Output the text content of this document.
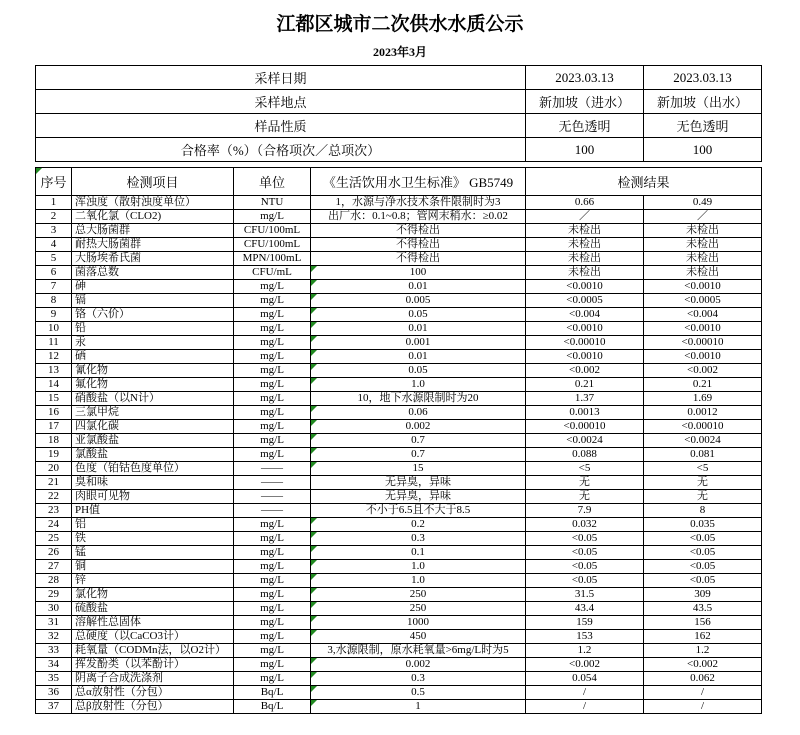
江都区城市二次供水水质公示
2023年3月
采样日期	2023.03.13	2023.03.13
采样地点	新加坡（进水）	新加坡（出水）
样品性质	无色透明	无色透明
合格率（%）（合格项次／总项次）	100	100
序号	检测项目	单位	《生活饮用水卫生标准》 GB5749	检测结果	
1	浑浊度（散射浊度单位）	NTU	1，水源与净水技术条件限制时为3	0.66	0.49
2	二氧化氯（CLO2)	mg/L	出厂水：0.1~0.8；管网末稍水：≥0.02	／	／
3	总大肠菌群	CFU/100mL	不得检出	未检出	未检出
4	耐热大肠菌群	CFU/100mL	不得检出	未检出	未检出
5	大肠埃希氏菌	MPN/100mL	不得检出	未检出	未检出
6	菌落总数	CFU/mL	100	未检出	未检出
7	砷	mg/L	0.01	<0.0010	<0.0010
8	镉	mg/L	0.005	<0.0005	<0.0005
9	铬（六价）	mg/L	0.05	<0.004	<0.004
10	铅	mg/L	0.01	<0.0010	<0.0010
11	汞	mg/L	0.001	<0.00010	<0.00010
12	硒	mg/L	0.01	<0.0010	<0.0010
13	氰化物	mg/L	0.05	<0.002	<0.002
14	氟化物	mg/L	1.0	0.21	0.21
15	硝酸盐（以N计）	mg/L	10，地下水源限制时为20	1.37	1.69
16	三氯甲烷	mg/L	0.06	0.0013	0.0012
17	四氯化碳	mg/L	0.002	<0.00010	<0.00010
18	亚氯酸盐	mg/L	0.7	<0.0024	<0.0024
19	氯酸盐	mg/L	0.7	0.088	0.081
20	色度（铂钴色度单位）	——	15	<5	<5
21	臭和味	——	无异臭，异味	无	无
22	肉眼可见物	——	无异臭，异味	无	无
23	PH值	——	不小于6.5且不大于8.5	7.9	8
24	铝	mg/L	0.2	0.032	0.035
25	铁	mg/L	0.3	<0.05	<0.05
26	锰	mg/L	0.1	<0.05	<0.05
27	铜	mg/L	1.0	<0.05	<0.05
28	锌	mg/L	1.0	<0.05	<0.05
29	氯化物	mg/L	250	31.5	309
30	硫酸盐	mg/L	250	43.4	43.5
31	溶解性总固体	mg/L	1000	159	156
32	总硬度（以CaCO3计）	mg/L	450	153	162
33	耗氧量（CODMn法，以O2计）	mg/L	3,水源限制，原水耗氧量>6mg/L时为5	1.2	1.2
34	挥发酚类（以苯酚计）	mg/L	0.002	<0.002	<0.002
35	阴离子合成洗涤剂	mg/L	0.3	0.054	0.062
36	总α放射性（分包）	Bq/L	0.5	/	/
37	总β放射性（分包）	Bq/L	1	/	/
